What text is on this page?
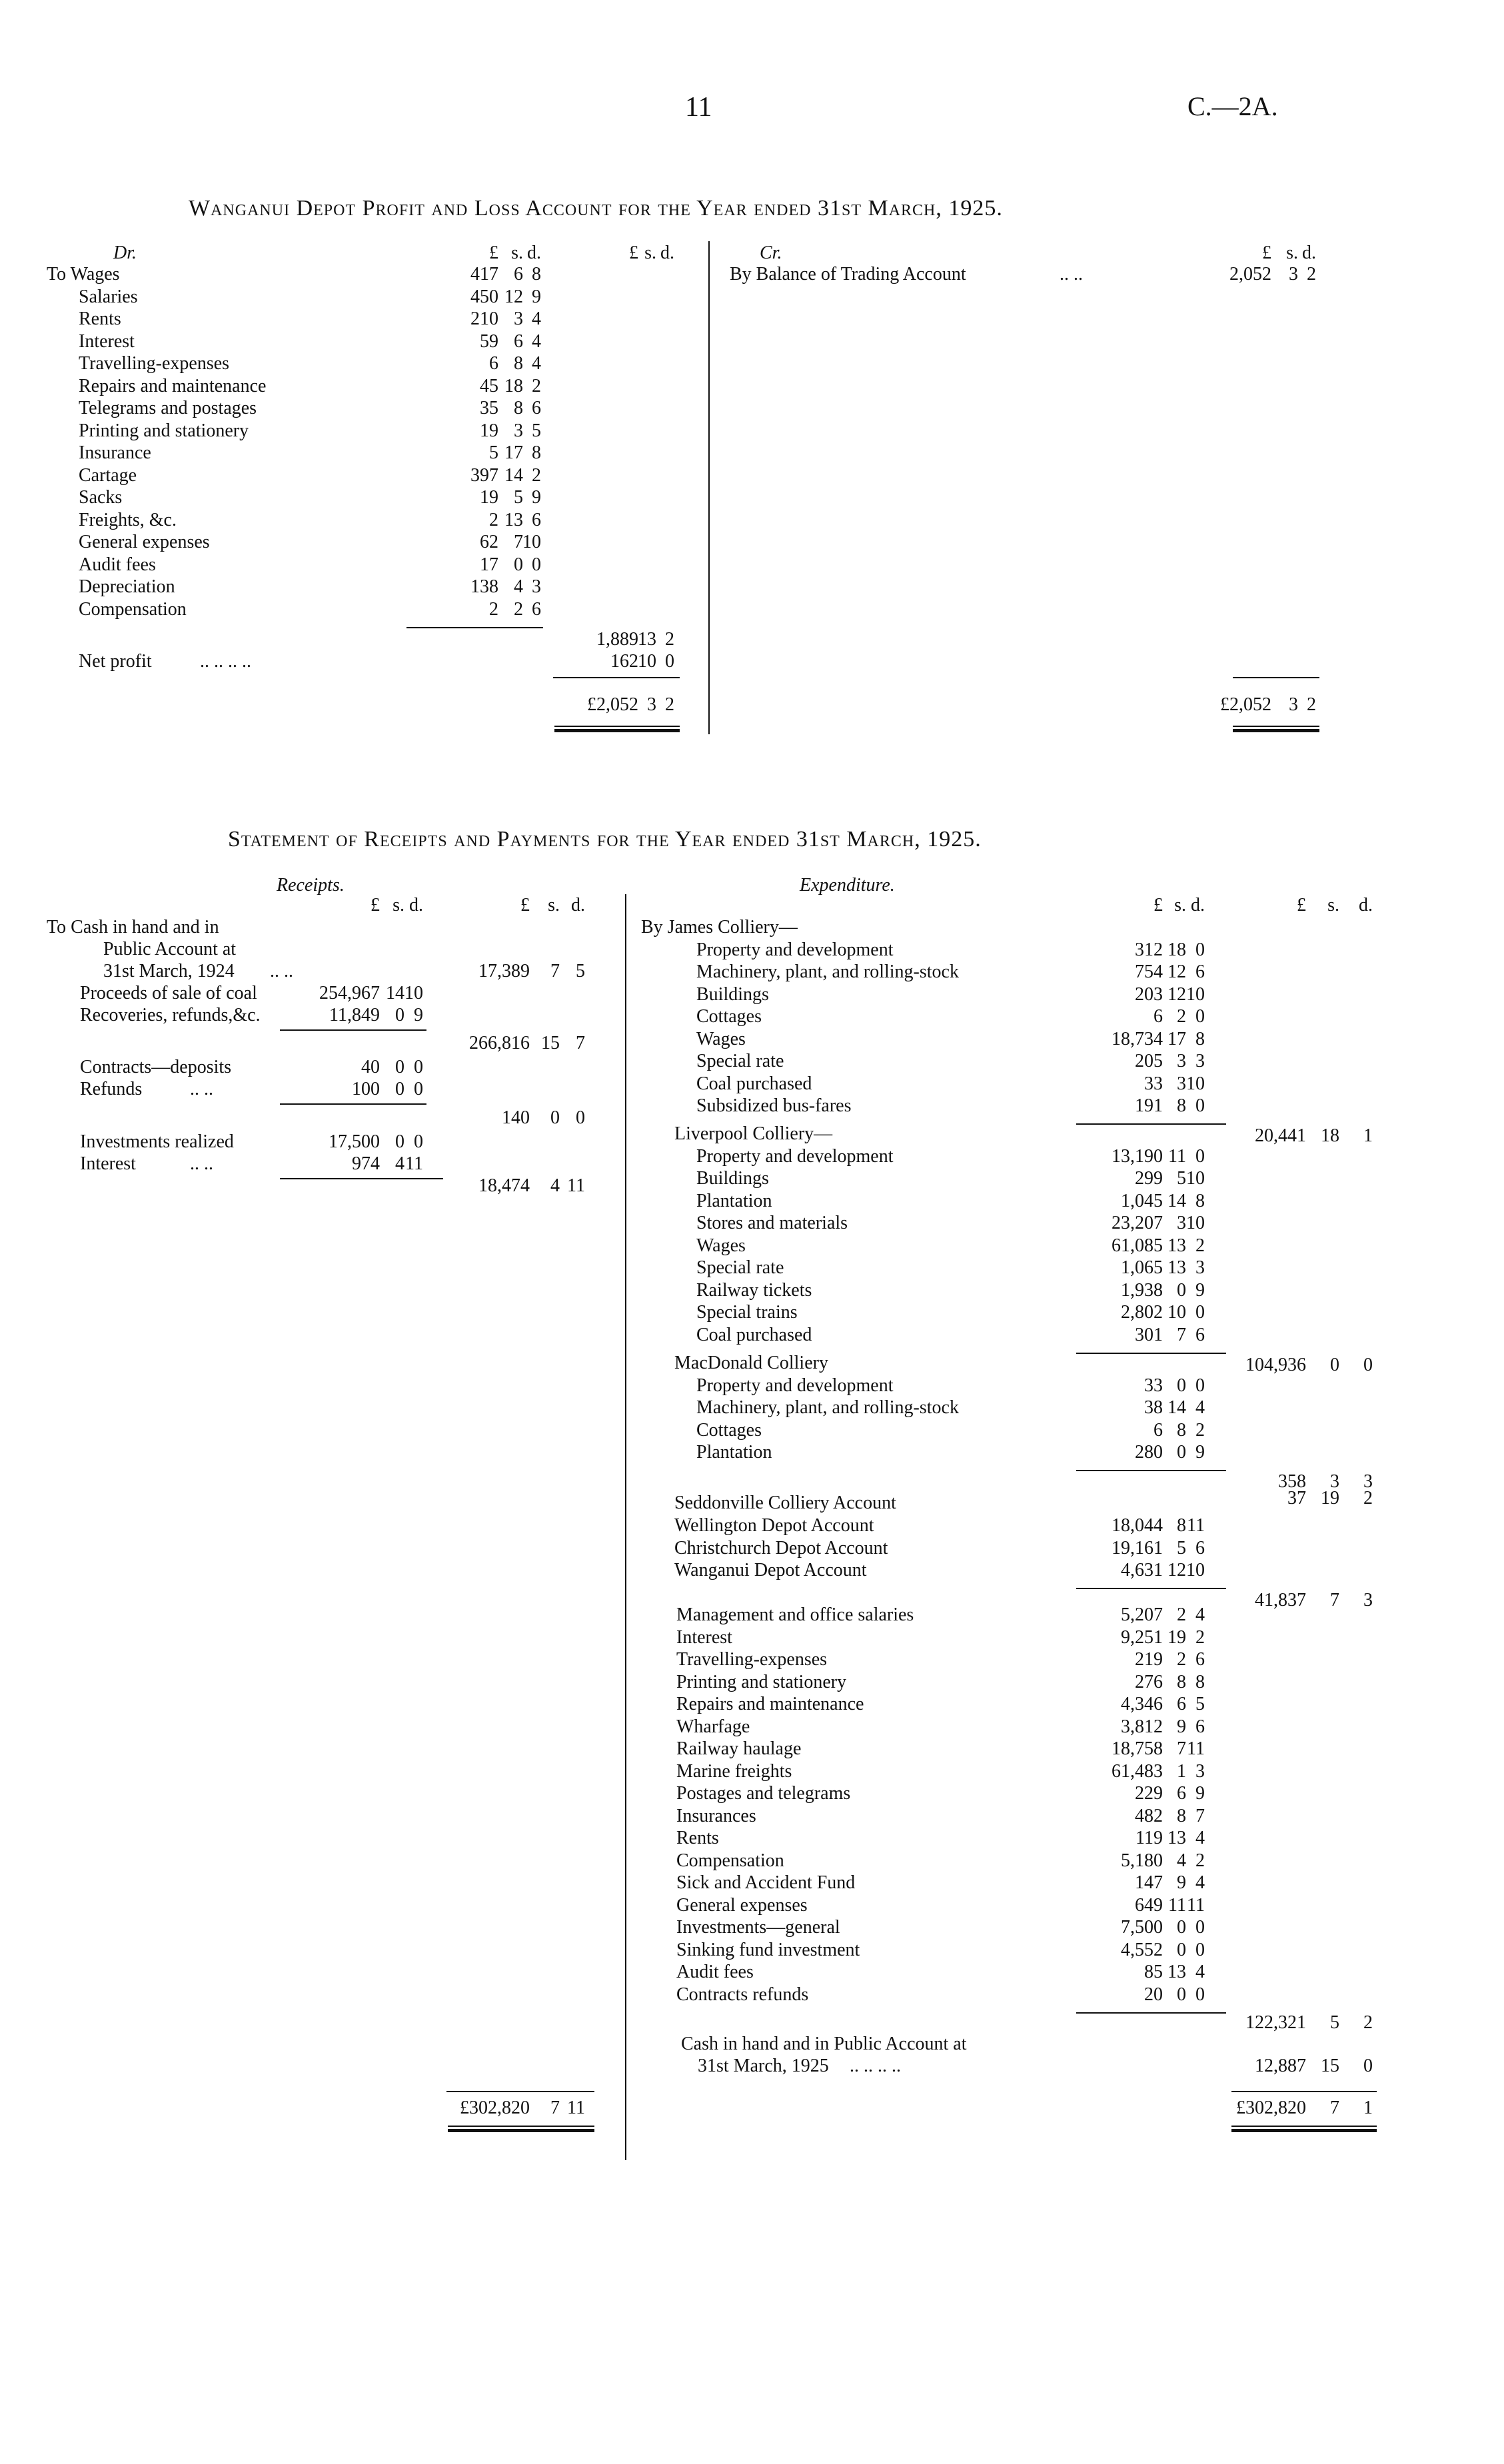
11	C.—2A.
Wanganui Depot Profit and Loss Account for the Year ended 31st March, 1925.
Dr.	£ s. d.	£ s. d.
To Wages	417 6 8
Salaries	450 12 9
Rents	210 3 4
Interest	59 6 4
Travelling-expenses	6 8 4
Repairs and maintenance	45 18 2
Telegrams and postages	35 8 6
Printing and stationery	19 3 5
Insurance	5 17 8
Cartage	397 14 2
Sacks	19 5 9
Freights, &c.	2 13 6
General expenses	62 7 10
Audit fees	17 0 0
Depreciation	138 4 3
Compensation	2 2 6
1,889 13 2
Net profit	.. .. .. ..	162 10 0
£2,052 3 2
Cr.	£ s. d.
By Balance of Trading Account	.. ..	2,052 3 2
£2,052 3 2
Statement of Receipts and Payments for the Year ended 31st March, 1925.
Receipts.
£ s. d.	£ s. d.
To Cash in hand and in
Public Account at
31st March, 1924 .. ..	17,389 7 5
Proceeds of sale of coal	254,967 14 10
Recoveries, refunds,&c.	11,849 0 9
266,816 15 7
Contracts—deposits	40 0 0
Refunds	.. ..	100 0 0
140 0 0
Investments realized	17,500 0 0
Interest	.. ..	974 4 11
18,474 4 11
£302,820 7 11
Expenditure.
£ s. d.	£ s. d.
By James Colliery—
Property and development	312 18 0
Machinery, plant, and rolling-stock	754 12 6
Buildings	203 12 10
Cottages	6 2 0
Wages	18,734 17 8
Special rate	205 3 3
Coal purchased	33 3 10
Subsidized bus-fares	191 8 0
20,441 18 1
Liverpool Colliery—
Property and development	13,190 11 0
Buildings	299 5 10
Plantation	1,045 14 8
Stores and materials	23,207 3 10
Wages	61,085 13 2
Special rate	1,065 13 3
Railway tickets	1,938 0 9
Special trains	2,802 10 0
Coal purchased	301 7 6
104,936 0 0
MacDonald Colliery
Property and development	33 0 0
Machinery, plant, and rolling-stock	38 14 4
Cottages	6 8 2
Plantation	280 0 9
358 3 3
Seddonville Colliery Account	37 19 2
Wellington Depot Account	18,044 8 11
Christchurch Depot Account	19,161 5 6
Wanganui Depot Account	4,631 12 10
41,837 7 3
Management and office salaries	5,207 2 4
Interest	9,251 19 2
Travelling-expenses	219 2 6
Printing and stationery	276 8 8
Repairs and maintenance	4,346 6 5
Wharfage	3,812 9 6
Railway haulage	18,758 7 11
Marine freights	61,483 1 3
Postages and telegrams	229 6 9
Insurances	482 8 7
Rents	119 13 4
Compensation	5,180 4 2
Sick and Accident Fund	147 9 4
General expenses	649 11 11
Investments—general	7,500 0 0
Sinking fund investment	4,552 0 0
Audit fees	85 13 4
Contracts refunds	20 0 0
122,321 5 2
Cash in hand and in Public Account at
31st March, 1925 .. .. .. ..	12,887 15 0
£302,820 7 1
